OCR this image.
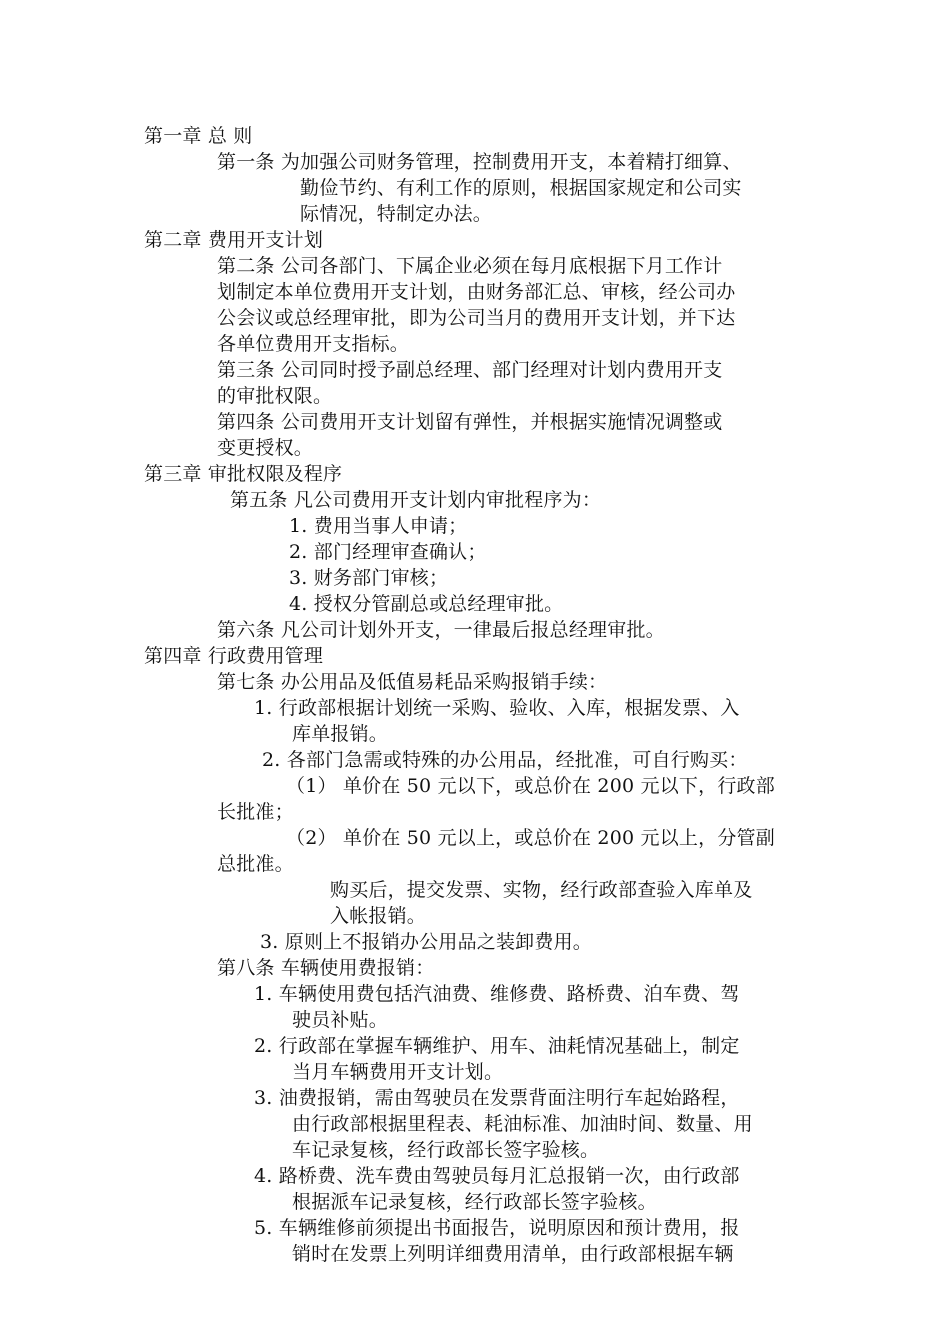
第一章 总 则
第一条 为加强公司财务管理，控制费用开支，本着精打细算、
勤俭节约、有利工作的原则，根据国家规定和公司实
际情况，特制定办法。
第二章 费用开支计划
第二条 公司各部门、下属企业必须在每月底根据下月工作计
划制定本单位费用开支计划，由财务部汇总、审核，经公司办
公会议或总经理审批，即为公司当月的费用开支计划，并下达
各单位费用开支指标。
第三条 公司同时授予副总经理、部门经理对计划内费用开支
的审批权限。
第四条 公司费用开支计划留有弹性，并根据实施情况调整或
变更授权。
第三章 审批权限及程序
第五条 凡公司费用开支计划内审批程序为：
1. 费用当事人申请；
2. 部门经理审查确认；
3. 财务部门审核；
4. 授权分管副总或总经理审批。
第六条 凡公司计划外开支，一律最后报总经理审批。
第四章 行政费用管理
第七条 办公用品及低值易耗品采购报销手续：
1. 行政部根据计划统一采购、验收、入库，根据发票、入
库单报销。
2. 各部门急需或特殊的办公用品，经批准，可自行购买：
（1） 单价在 50 元以下，或总价在 200 元以下，行政部
长批准；
（2） 单价在 50 元以上，或总价在 200 元以上，分管副
总批准。
购买后，提交发票、实物，经行政部查验入库单及
入帐报销。
3. 原则上不报销办公用品之装卸费用。
第八条 车辆使用费报销：
1. 车辆使用费包括汽油费、维修费、路桥费、泊车费、驾
驶员补贴。
2. 行政部在掌握车辆维护、用车、油耗情况基础上，制定
当月车辆费用开支计划。
3. 油费报销，需由驾驶员在发票背面注明行车起始路程，
由行政部根据里程表、耗油标准、加油时间、数量、用
车记录复核，经行政部长签字验核。
4. 路桥费、洗车费由驾驶员每月汇总报销一次，由行政部
根据派车记录复核，经行政部长签字验核。
5. 车辆维修前须提出书面报告，说明原因和预计费用，报
销时在发票上列明详细费用清单，由行政部根据车辆
